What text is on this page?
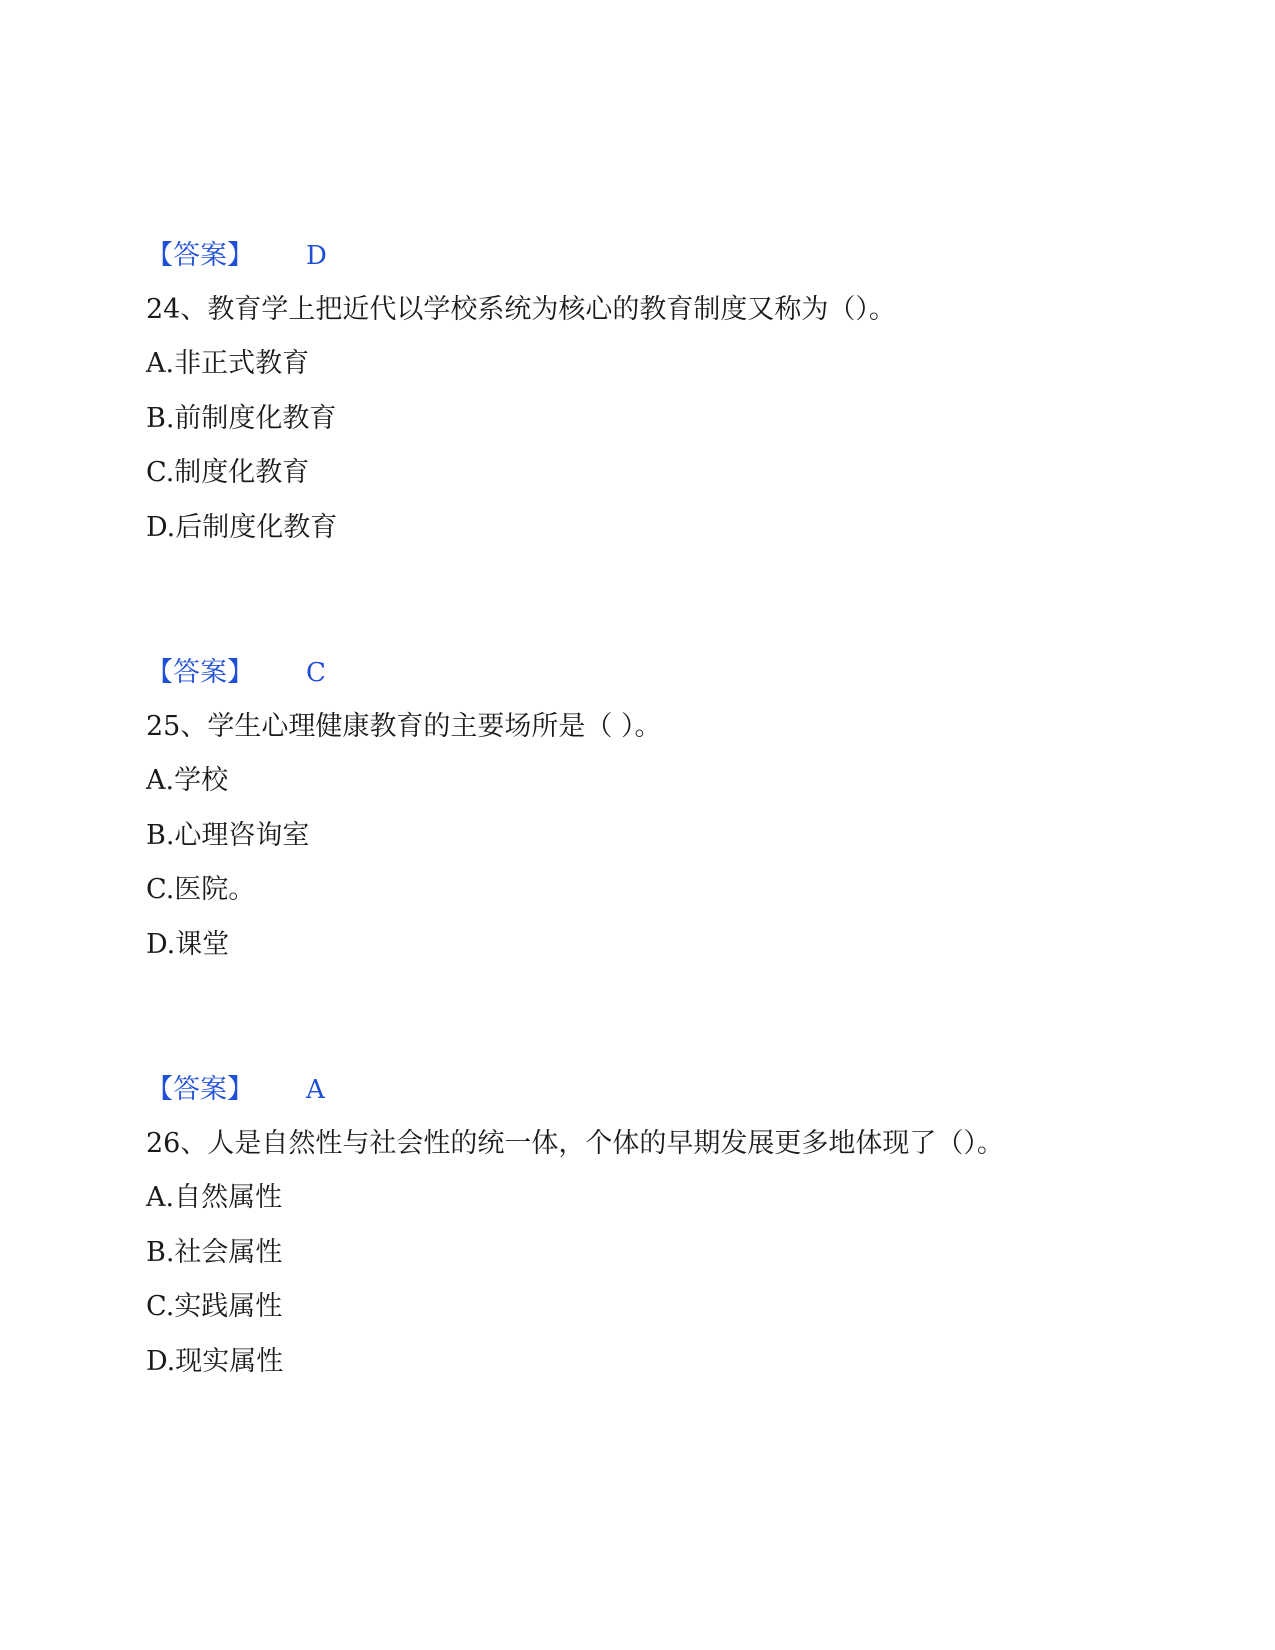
【答案】 D
24、教育学上把近代以学校系统为核心的教育制度又称为（）。
A.非正式教育
B.前制度化教育
C.制度化教育
D.后制度化教育
【答案】 C
25、学生心理健康教育的主要场所是（ ）。
A.学校
B.心理咨询室
C.医院。
D.课堂
【答案】 A
26、人是自然性与社会性的统一体，个体的早期发展更多地体现了（）。
A.自然属性
B.社会属性
C.实践属性
D.现实属性
